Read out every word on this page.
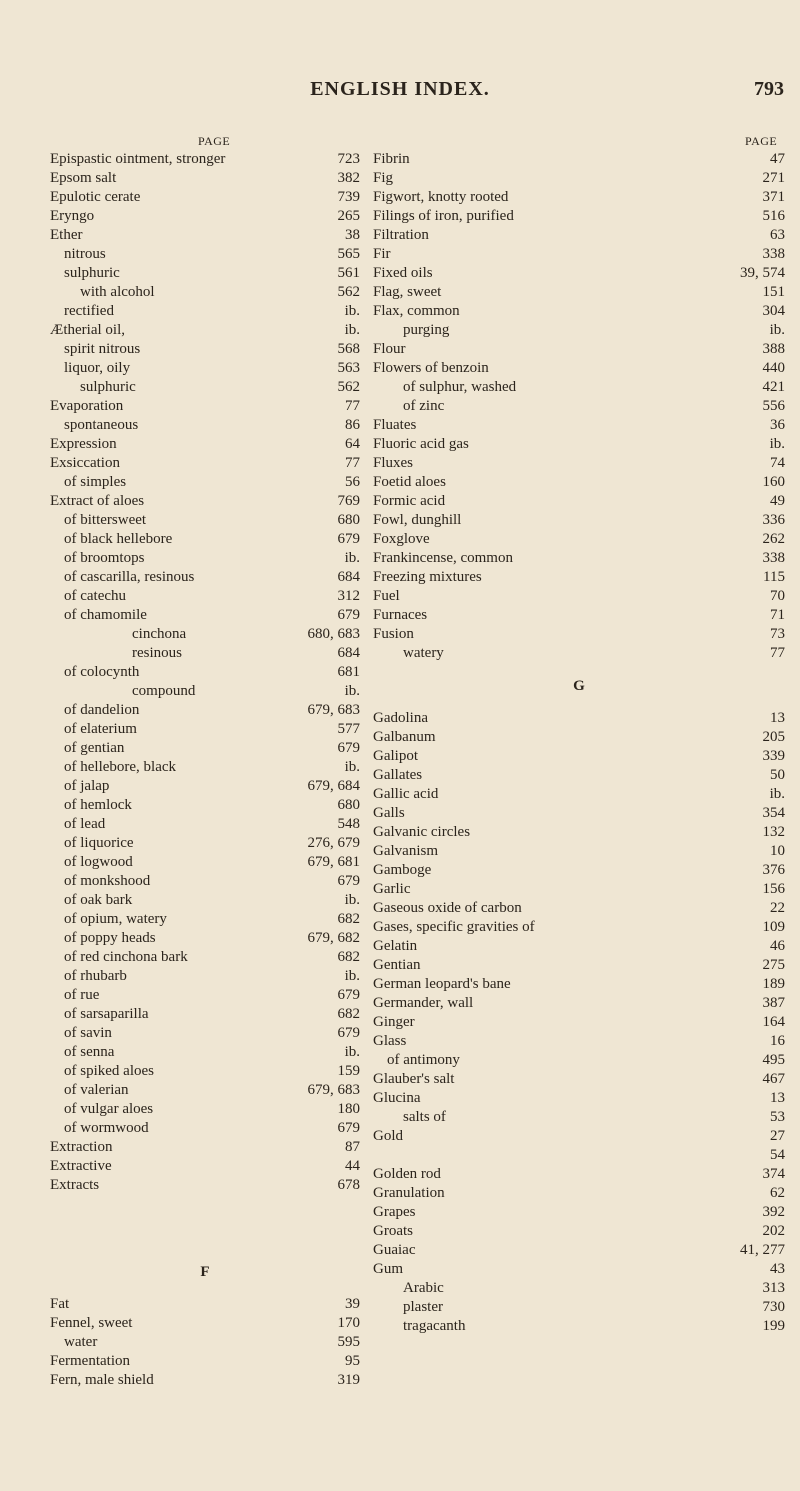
ENGLISH INDEX.	793
PAGE	PAGE
Epispastic ointment, stronger	723
Epsom salt	382
Epulotic cerate	739
Eryngo	265
Ether	38
nitrous	565
sulphuric	561
with alcohol	562
rectified	ib.
Ætherial oil,	ib.
spirit nitrous	568
liquor, oily	563
sulphuric	562
Evaporation	77
spontaneous	86
Expression	64
Exsiccation	77
of simples	56
Extract of aloes	769
of bittersweet	680
of black hellebore	679
of broomtops	ib.
of cascarilla, resinous	684
of catechu	312
of chamomile	679
cinchona	680, 683
resinous	684
of colocynth	681
compound	ib.
of dandelion	679, 683
of elaterium	577
of gentian	679
of hellebore, black	ib.
of jalap	679, 684
of hemlock	680
of lead	548
of liquorice	276, 679
of logwood	679, 681
of monkshood	679
of oak bark	ib.
of opium, watery	682
of poppy heads	679, 682
of red cinchona bark	682
of rhubarb	ib.
of rue	679
of sarsaparilla	682
of savin	679
of senna	ib.
of spiked aloes	159
of valerian	679, 683
of vulgar aloes	180
of wormwood	679
Extraction	87
Extractive	44
Extracts	678
F
Fat	39
Fennel, sweet	170
water	595
Fermentation	95
Fern, male shield	319
Fibrin	47
Fig	271
Figwort, knotty rooted	371
Filings of iron, purified	516
Filtration	63
Fir	338
Fixed oils	39, 574
Flag, sweet	151
Flax, common	304
purging	ib.
Flour	388
Flowers of benzoin	440
of sulphur, washed	421
of zinc	556
Fluates	36
Fluoric acid gas	ib.
Fluxes	74
Foetid aloes	160
Formic acid	49
Fowl, dunghill	336
Foxglove	262
Frankincense, common	338
Freezing mixtures	115
Fuel	70
Furnaces	71
Fusion	73
watery	77
G
Gadolina	13
Galbanum	205
Galipot	339
Gallates	50
Gallic acid	ib.
Galls	354
Galvanic circles	132
Galvanism	10
Gamboge	376
Garlic	156
Gaseous oxide of carbon	22
Gases, specific gravities of	109
Gelatin	46
Gentian	275
German leopard's bane	189
Germander, wall	387
Ginger	164
Glass	16
of antimony	495
Glauber's salt	467
Glucina	13
salts of	53
Gold	27
54
Golden rod	374
Granulation	62
Grapes	392
Groats	202
Guaiac	41, 277
Gum	43
Arabic	313
plaster	730
tragacanth	199
